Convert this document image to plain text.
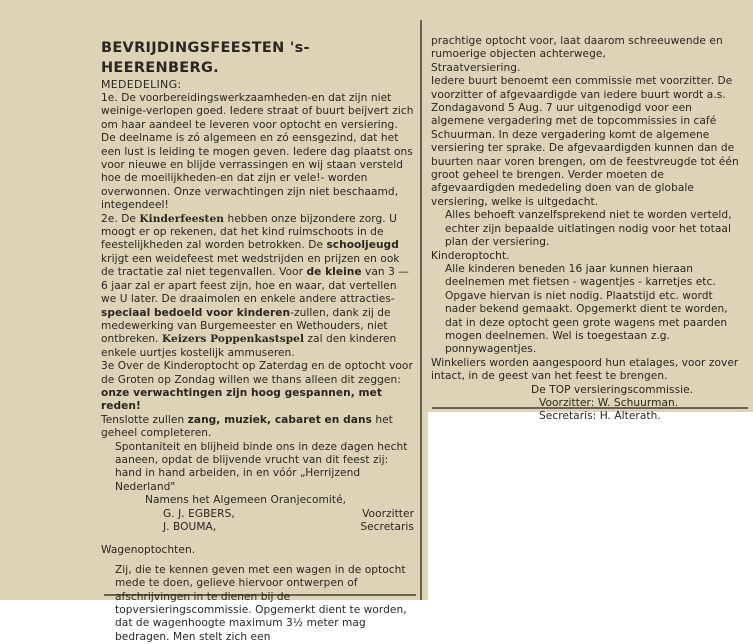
BEVRIJDINGSFEESTEN 's-HEERENBERG.

MEDEDELING:

1e. De voorbereidingswerkzaamheden-en dat zijn niet weinige-verlopen goed. Iedere straat of buurt beijvert zich om haar aandeel te leveren voor optocht en versiering. De deelname is zó algemeen en zó eensgezind, dat het een lust is leiding te mogen geven. Iedere dag plaatst ons voor nieuwe en blijde verrassingen en wij staan versteld hoe de moeilijkheden-en dat zijn er vele!- worden overwonnen. Onze verwachtingen zijn niet beschaamd, integendeel!

2e. De Kinderfeesten hebben onze bijzondere zorg. U moogt er op rekenen, dat het kind ruimschoots in de feestelijkheden zal worden betrokken. De schooljeugd krijgt een weidefeest met wedstrijden en prijzen en ook de tractatie zal niet tegenvallen. Voor de kleine van 3 — 6 jaar zal er apart feest zijn, hoe en waar, dat vertellen we U later. De draaimolen en enkele andere attracties-speciaal bedoeld voor kinderen-zullen, dank zij de medewerking van Burgemeester en Wethouders, niet ontbreken. Keizers Poppenkastspel zal den kinderen enkele uurtjes kostelijk ammuseren.

3e Over de Kinderoptocht op Zaterdag en de optocht voor de Groten op Zondag willen we thans alleen dit zeggen: onze verwachtingen zijn hoog gespannen, met reden!

Tenslotte zullen zang, muziek, cabaret en dans het geheel completeren.

Spontaniteit en blijheid binde ons in deze dagen hecht aaneen, opdat de blijvende vrucht van dit feest zij: hand in hand arbeiden, in en vóór „Herrijzend Nederland"

Namens het Algemeen Oranjecomité,

G. J. EGBERS,	Voorzitter

J. BOUMA,	Secretaris

Wagenoptochten.

Zij, die te kennen geven met een wagen in de optocht mede te doen, gelieve hiervoor ontwerpen of afschrijvingen in te dienen bij de topversieringscommissie. Opgemerkt dient te worden, dat de wagenhoogte maximum 3½ meter mag bedragen. Men stelt zich een

prachtige optocht voor, laat daarom schreeuwende en rumoerige objecten achterwege,

Straatversiering.

Iedere buurt benoemt een commissie met voorzitter. De voorzitter of afgevaardigde van iedere buurt wordt a.s. Zondagavond 5 Aug. 7 uur uitgenodigd voor een algemene vergadering met de topcommissies in café Schuurman. In deze vergadering komt de algemene versiering ter sprake. De afgevaardigden kunnen dan de buurten naar voren brengen, om de feestvreugde tot één groot geheel te brengen. Verder moeten de afgevaardigden mededeling doen van de globale versiering, welke is uitgedacht.

Alles behoeft vanzelfsprekend niet te worden verteld, echter zijn bepaalde uitlatingen nodig voor het totaal plan der versiering.

Kinderoptocht.

Alle kinderen beneden 16 jaar kunnen hieraan deelnemen met fietsen - wagentjes - karretjes etc.

Opgave hiervan is niet nodig. Plaatstijd etc. wordt nader bekend gemaakt. Opgemerkt dient te worden, dat in deze optocht geen grote wagens met paarden mogen deelnemen. Wel is toegestaan z.g. ponnywagentjes.

Winkeliers worden aangespoord hun etalages, voor zover intact, in de geest van het feest te brengen.

De TOP versieringscommissie.

Voorzitter: W. Schuurman.

Secretaris: H. Alterath.
